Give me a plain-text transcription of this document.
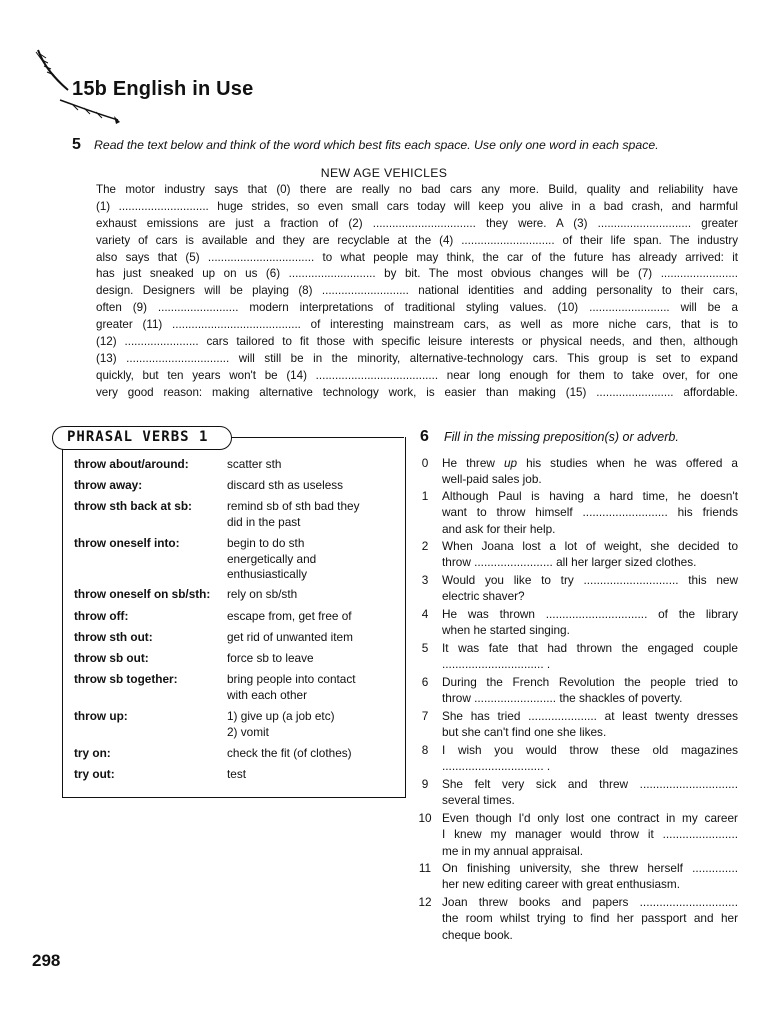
15b English in Use
5 Read the text below and think of the word which best fits each space. Use only one word in each space.
NEW AGE VEHICLES
The motor industry says that (0) there are really no bad cars any more. Build, quality and reliability have
(1) ............................ huge strides, so even small cars today will keep you alive in a bad crash, and harmful
exhaust emissions are just a fraction of (2) ................................ they were. A (3) ............................. greater
variety of cars is available and they are recyclable at the (4) ............................. of their life span. The industry
also says that (5) ................................. to what people may think, the car of the future has already arrived: it
has just sneaked up on us (6) ........................... by bit. The most obvious changes will be (7) ........................
design. Designers will be playing (8) ........................... national identities and adding personality to their cars,
often (9) ......................... modern interpretations of traditional styling values. (10) ......................... will be a
greater (11) ........................................ of interesting mainstream cars, as well as more niche cars, that is to
(12) ....................... cars tailored to fit those with specific leisure interests or physical needs, and then, although
(13) ................................ will still be in the minority, alternative-technology cars. This group is set to expand
quickly, but ten years won't be (14) ...................................... near long enough for them to take over, for one
very good reason: making alternative technology work, is easier than making (15) ........................ affordable.
PHRASAL VERBS 1
throw about/around:	scatter sth
throw away:	discard sth as useless
throw sth back at sb:	remind sb of sth bad they
did in the past
throw oneself into:	begin to do sth
energetically and
enthusiastically
throw oneself on sb/sth:	rely on sb/sth
throw off:	escape from, get free of
throw sth out:	get rid of unwanted item
throw sb out:	force sb to leave
throw sb together:	bring people into contact
with each other
throw up:	1) give up (a job etc)
2) vomit
try on:	check the fit (of clothes)
try out:	test
6 Fill in the missing preposition(s) or adverb.
0	He threw up his studies when he was offered a
well-paid sales job.
1	Although Paul is having a hard time, he doesn't
want to throw himself .......................... his friends
and ask for their help.
2	When Joana lost a lot of weight, she decided to
throw ........................ all her larger sized clothes.
3	Would you like to try ............................. this new
electric shaver?
4	He was thrown ............................... of the library
when he started singing.
5	It was fate that had thrown the engaged couple
............................... .
6	During the French Revolution the people tried to
throw ......................... the shackles of poverty.
7	She has tried ..................... at least twenty dresses
but she can't find one she likes.
8	I wish you would throw these old magazines
............................... .
9	She felt very sick and threw ..............................
several times.
10 Even though I'd only lost one contract in my career
I knew my manager would throw it .......................
me in my annual appraisal.
11 On finishing university, she threw herself ..............
her new editing career with great enthusiasm.
12 Joan threw books and papers ..............................
the room whilst trying to find her passport and her
cheque book.
298
